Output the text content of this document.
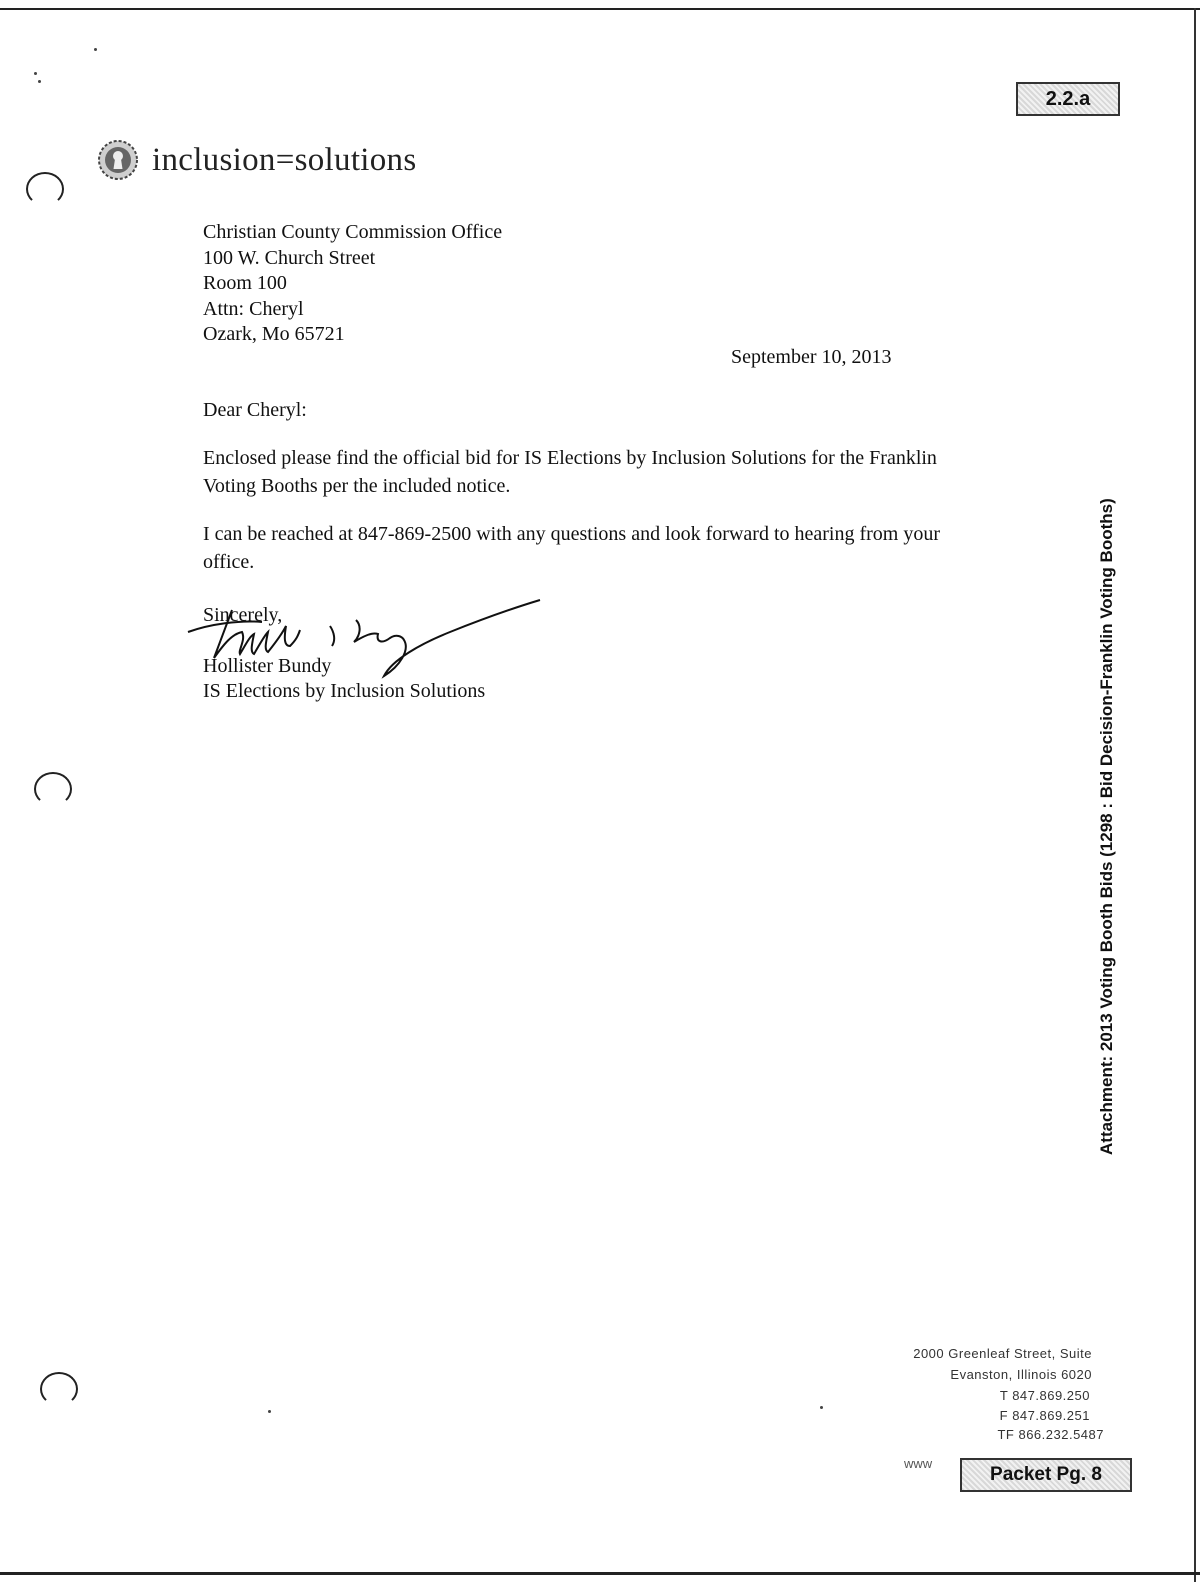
2.2.a
inclusion=solutions
Christian County Commission Office
100 W. Church Street
Room 100
Attn: Cheryl
Ozark, Mo 65721
September 10, 2013
Dear Cheryl:
Enclosed please find the official bid for IS Elections by Inclusion Solutions for the Franklin Voting Booths per the included notice.
I can be reached at 847-869-2500 with any questions and look forward to hearing from your office.
Sincerely,
Hollister Bundy
IS Elections by Inclusion Solutions	Attachment: 2013 Voting Booth Bids (1298 : Bid Decision-Franklin Voting Booths)
2000 Greenleaf Street, Suite
Evanston, Illinois 6020
T 847.869.250
F 847.869.251
TF 866.232.5487
www
Packet Pg. 8
